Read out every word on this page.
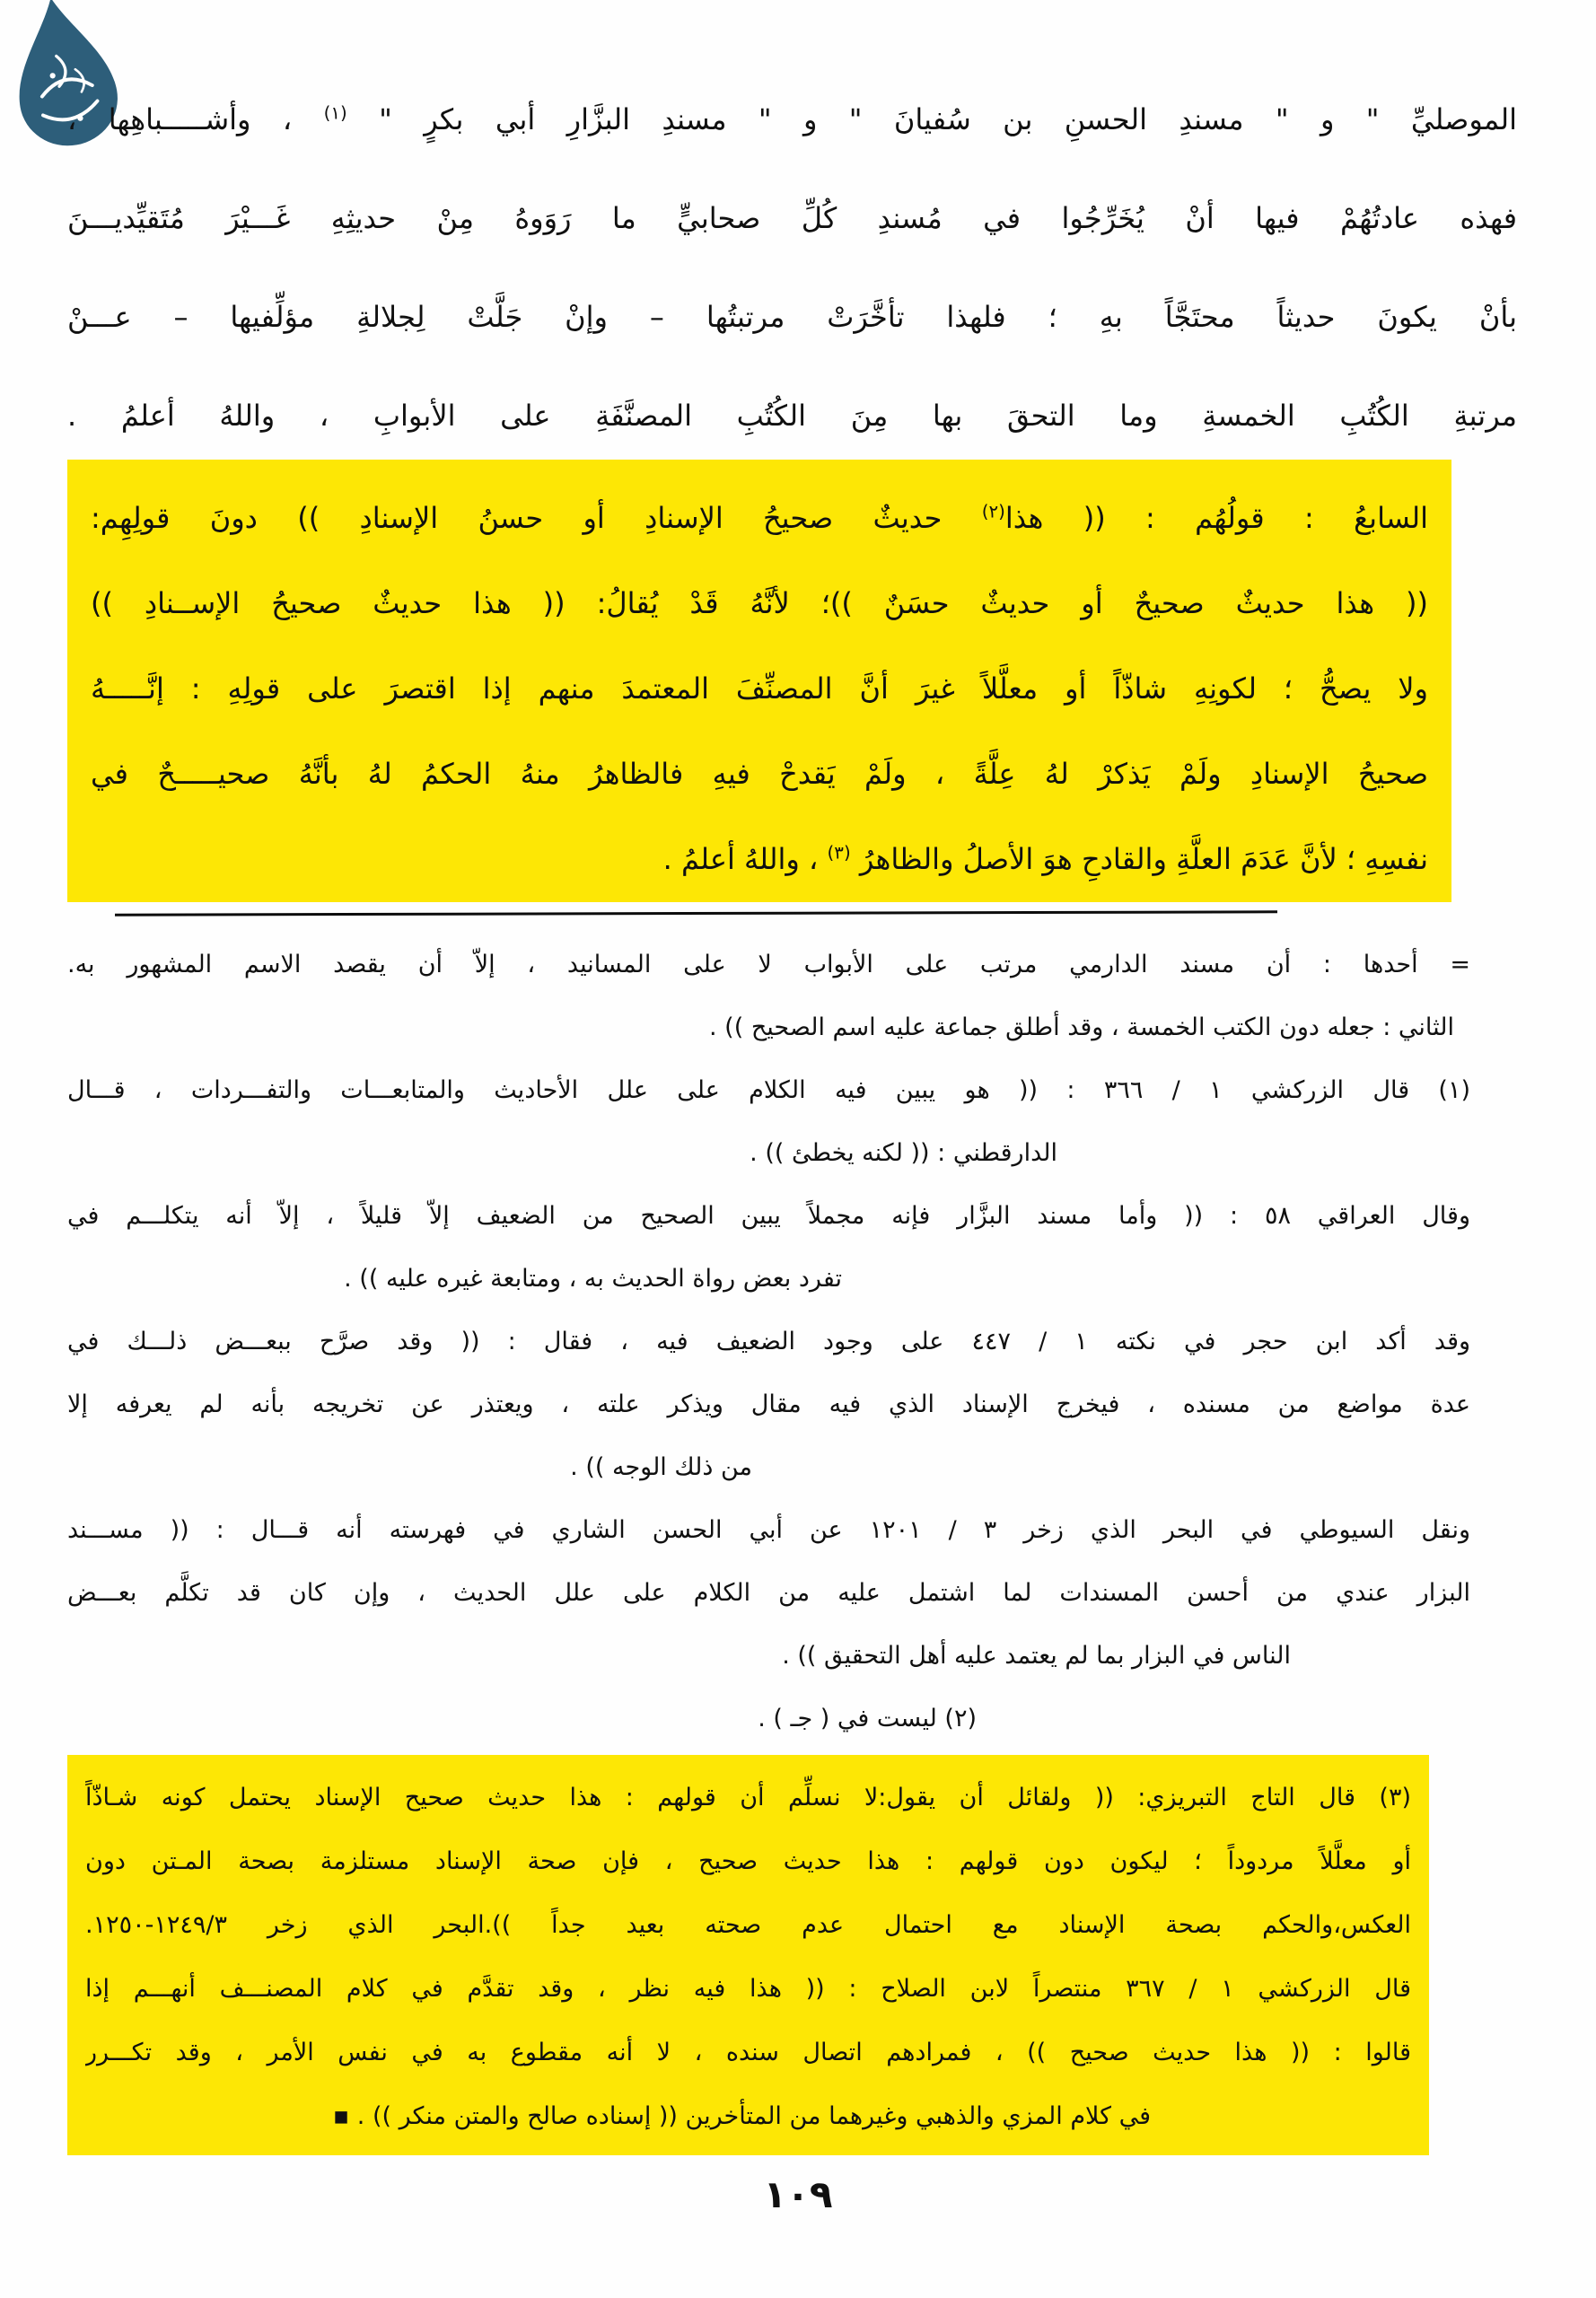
الموصليِّ " و " مسندِ الحسنِ بن سُفيانَ " و " مسندِ البزَّارِ أبي بكرٍ " $^{(١)}$ ، وأشـــــباهِها ،
فهذه عادتُهُمْ فيها أنْ يُخَرِّجُوا في مُسندِ كُلِّ صحابيٍّ ما رَوَوهُ مِنْ حديثِهِ غَـــيْرَ مُتَقيِّديـــنَ
بأنْ يكونَ حديثاً محتَجَّاً بهِ ؛ فلهذا تأخَّرَتْ مرتبتُها – وإنْ جَلَّتْ لِجلالةِ مؤلِّفيها – عـــنْ
مرتبةِ الكُتُبِ الخمسةِ وما التحقَ بها مِنَ الكُتُبِ المصنَّفَةِ على الأبوابِ ، واللهُ أعلمُ .
السابعُ : قولُهُم : (( هذا$^{(٢)}$ حديثٌ صحيحُ الإسنادِ أو حسنُ الإسنادِ )) دونَ قولِهِم:
(( هذا حديثٌ صحيحٌ أو حديثٌ حسَنٌ ))؛ لأنَّهُ قَدْ يُقالُ: (( هذا حديثٌ صحيحُ الإســنادِ ))
ولا يصحُّ ؛ لكونِهِ شاذّاً أو معلَّلاً غيرَ أنَّ المصنِّفَ المعتمدَ منهم إذا اقتصرَ على قولِهِ : إنَّـــــهُ
صحيحُ الإسنادِ ولَمْ يَذكرْ لهُ عِلَّةً ، ولَمْ يَقدحْ فيهِ فالظاهرُ منهُ الحكمُ لهُ بأنَّهُ صحيـــــحٌ في
نفسِهِ ؛ لأنَّ عَدَمَ العلَّةِ والقادحِ هوَ الأصلُ والظاهرُ $^{(٣)}$ ، واللهُ أعلمُ .
= أحدها : أن مسند الدارمي مرتب على الأبواب لا على المسانيد ، إلاّ أن يقصد الاسم المشهور به.
الثاني : جعله دون الكتب الخمسة ، وقد أطلق جماعة عليه اسم الصحيح )) .
(١) قال الزركشي ١ / ٣٦٦ : (( هو يبين فيه الكلام على علل الأحاديث والمتابعـــات والتفـــردات ، قـــال
الدارقطني : (( لكنه يخطئ )) .
وقال العراقي ٥٨ : (( وأما مسند البزَّار فإنه مجملاً يبين الصحيح من الضعيف إلاّ قليلاً ، إلاّ أنه يتكلـــم في
تفرد بعض رواة الحديث به ، ومتابعة غيره عليه )) .
وقد أكد ابن حجر في نكته ١ / ٤٤٧ على وجود الضعيف فيه ، فقال : (( وقد صرَّح ببعـــض ذلـــك في
عدة مواضع من مسنده ، فيخرج الإسناد الذي فيه مقال ويذكر علته ، ويعتذر عن تخريجه بأنه لم يعرفه إلا
من ذلك الوجه )) .
ونقل السيوطي في البحر الذي زخر ٣ / ١٢٠١ عن أبي الحسن الشاري في فهرسته أنه قـــال : (( مســـند
البزار عندي من أحسن المسندات لما اشتمل عليه من الكلام على علل الحديث ، وإن كان قد تكلَّم بعـــض
الناس في البزار بما لم يعتمد عليه أهل التحقيق )) .
(٢) ليست في ( جـ ) .
(٣) قال التاج التبريزي: (( ولقائل أن يقول:لا نسلِّم أن قولهم : هذا حديث صحيح الإسناد يحتمل كونه شـاذّاً
أو معلَّلاً مردوداً ؛ ليكون دون قولهم : هذا حديث صحيح ، فإن صحة الإسناد مستلزمة بصحة المـتن دون
العكس،والحكم بصحة الإسناد مع احتمال عدم صحته بعيد جداً )).البحر الذي زخر ١٢٤٩/٣-١٢٥٠.
قال الزركشي ١ / ٣٦٧ منتصراً لابن الصلاح : (( هذا فيه نظر ، وقد تقدَّم في كلام المصنـــف أنهـــم إذا
قالوا : (( هذا حديث صحيح )) ، فمرادهم اتصال سنده ، لا أنه مقطوع به في نفس الأمر ، وقد تكـــرر
في كلام المزي والذهبي وغيرهما من المتأخرين (( إسناده صالح والمتن منكر )) . ▪
١٠٩
